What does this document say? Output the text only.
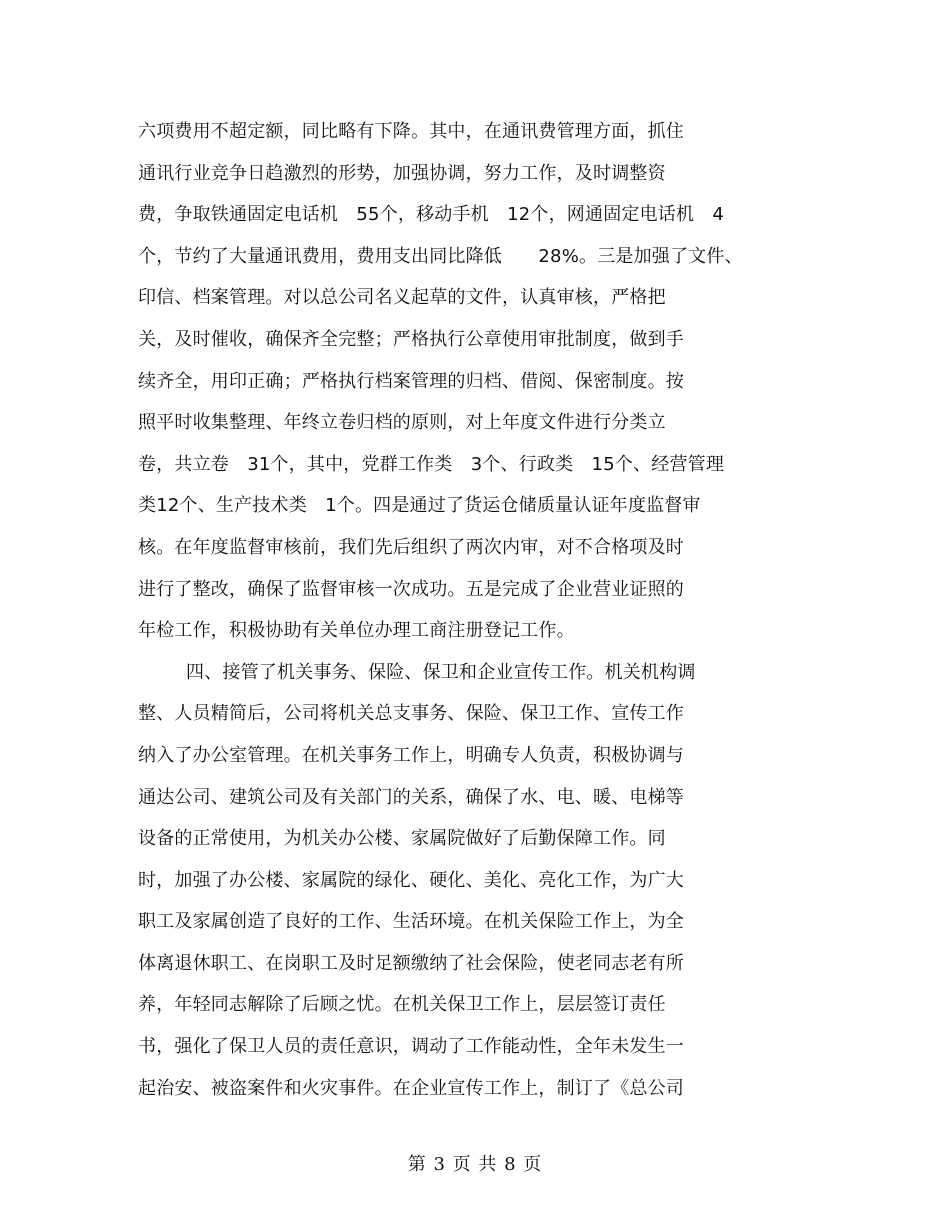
六项费用不超定额，同比略有下降。其中，在通讯费管理方面，抓住
通讯行业竞争日趋激烈的形势，加强协调，努力工作，及时调整资
费，争取铁通固定电话机　55个，移动手机　12个，网通固定电话机　4
个，节约了大量通讯费用，费用支出同比降低　　28%。三是加强了文件、
印信、档案管理。对以总公司名义起草的文件，认真审核，严格把
关，及时催收，确保齐全完整；严格执行公章使用审批制度，做到手
续齐全，用印正确；严格执行档案管理的归档、借阅、保密制度。按
照平时收集整理、年终立卷归档的原则，对上年度文件进行分类立
卷，共立卷　31个，其中，党群工作类　3个、行政类　15个、经营管理
类12个、生产技术类　1个。四是通过了货运仓储质量认证年度监督审
核。在年度监督审核前，我们先后组织了两次内审，对不合格项及时
进行了整改，确保了监督审核一次成功。五是完成了企业营业证照的
年检工作，积极协助有关单位办理工商注册登记工作。
四、接管了机关事务、保险、保卫和企业宣传工作。机关机构调
整、人员精简后，公司将机关总支事务、保险、保卫工作、宣传工作
纳入了办公室管理。在机关事务工作上，明确专人负责，积极协调与
通达公司、建筑公司及有关部门的关系，确保了水、电、暖、电梯等
设备的正常使用，为机关办公楼、家属院做好了后勤保障工作。同
时，加强了办公楼、家属院的绿化、硬化、美化、亮化工作，为广大
职工及家属创造了良好的工作、生活环境。在机关保险工作上，为全
体离退休职工、在岗职工及时足额缴纳了社会保险，使老同志老有所
养，年轻同志解除了后顾之忧。在机关保卫工作上，层层签订责任
书，强化了保卫人员的责任意识，调动了工作能动性，全年未发生一
起治安、被盗案件和火灾事件。在企业宣传工作上，制订了《总公司
第 3 页 共 8 页
